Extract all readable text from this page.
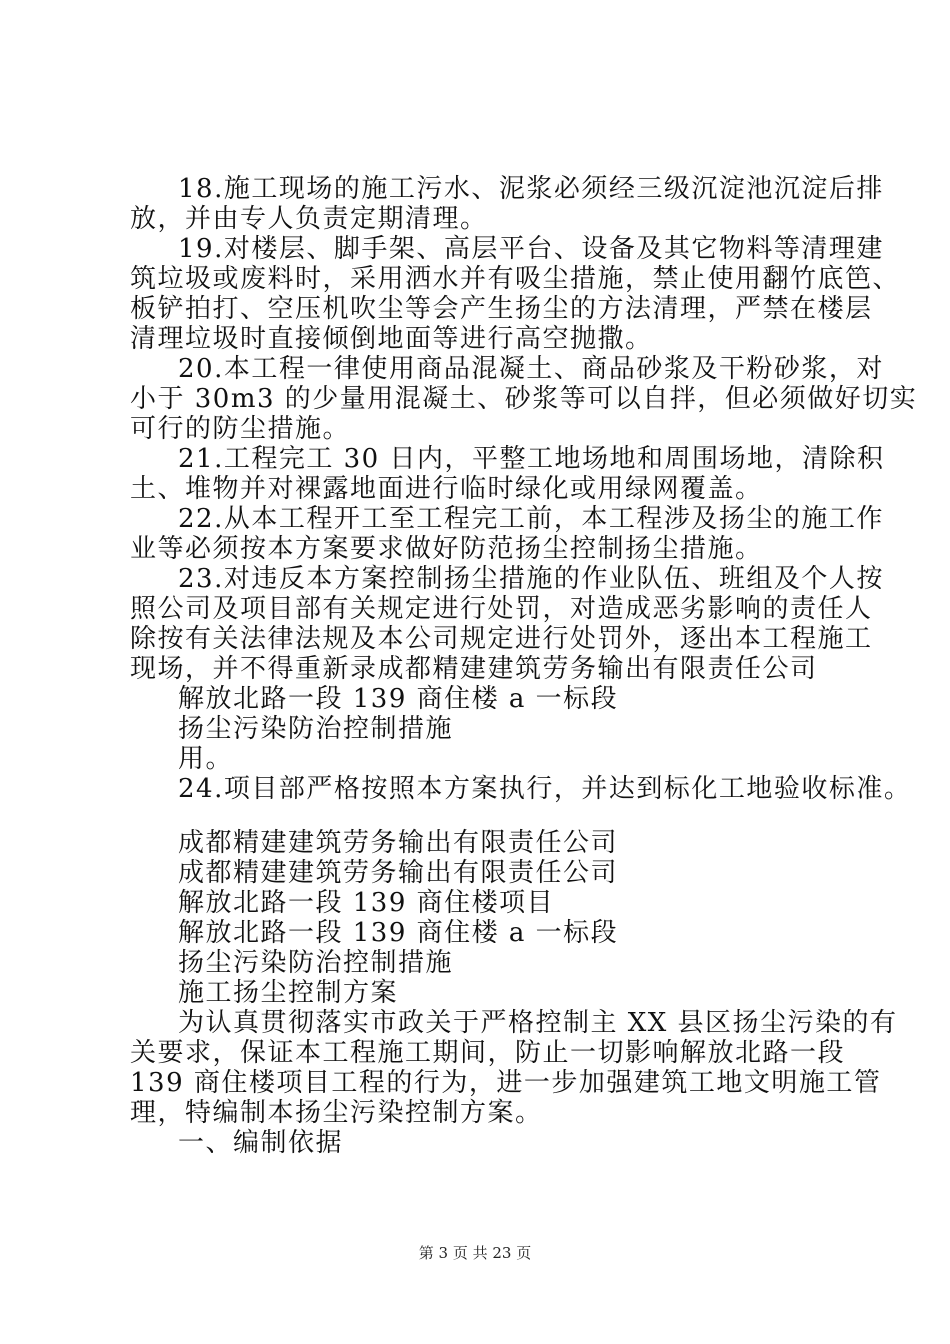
18.施工现场的施工污水、泥浆必须经三级沉淀池沉淀后排
放，并由专人负责定期清理。
19.对楼层、脚手架、高层平台、设备及其它物料等清理建
筑垃圾或废料时，采用洒水并有吸尘措施，禁止使用翻竹底笆、
板铲拍打、空压机吹尘等会产生扬尘的方法清理，严禁在楼层
清理垃圾时直接倾倒地面等进行高空抛撒。
20.本工程一律使用商品混凝土、商品砂浆及干粉砂浆，对
小于 30m3 的少量用混凝土、砂浆等可以自拌，但必须做好切实
可行的防尘措施。
21.工程完工 30 日内，平整工地场地和周围场地，清除积
土、堆物并对裸露地面进行临时绿化或用绿网覆盖。
22.从本工程开工至工程完工前，本工程涉及扬尘的施工作
业等必须按本方案要求做好防范扬尘控制扬尘措施。
23.对违反本方案控制扬尘措施的作业队伍、班组及个人按
照公司及项目部有关规定进行处罚，对造成恶劣影响的责任人
除按有关法律法规及本公司规定进行处罚外，逐出本工程施工
现场，并不得重新录成都精建建筑劳务输出有限责任公司
解放北路一段 139 商住楼 a 一标段
扬尘污染防治控制措施
用。
24.项目部严格按照本方案执行，并达到标化工地验收标准。
成都精建建筑劳务输出有限责任公司
成都精建建筑劳务输出有限责任公司
解放北路一段 139 商住楼项目
解放北路一段 139 商住楼 a 一标段
扬尘污染防治控制措施
施工扬尘控制方案
为认真贯彻落实市政关于严格控制主 XX 县区扬尘污染的有
关要求，保证本工程施工期间，防止一切影响解放北路一段
139 商住楼项目工程的行为，进一步加强建筑工地文明施工管
理，特编制本扬尘污染控制方案。
一、编制依据
第 3 页 共 23 页
